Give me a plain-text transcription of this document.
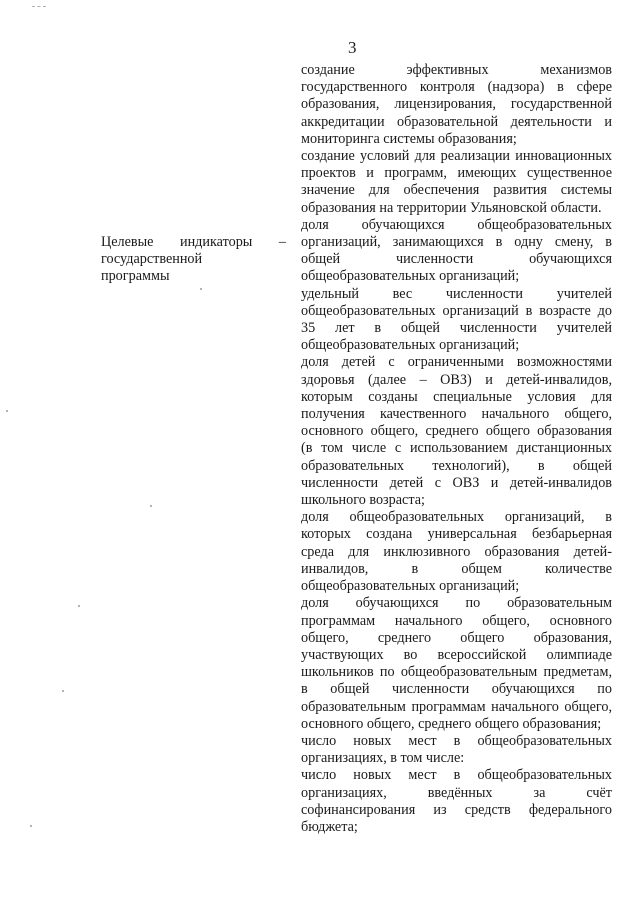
3
Целевые индикаторы –
государственной
программы

создание эффективных механизмов государственного контроля (надзора) в сфере образования, лицензирования, государственной аккредитации образовательной деятельности и мониторинга системы образования;

создание условий для реализации инновационных проектов и программ, имеющих существенное значение для обеспечения развития системы образования на территории Ульяновской области.

доля обучающихся общеобразовательных организаций, занимающихся в одну смену, в общей численности обучающихся общеобразовательных организаций;

удельный вес численности учителей общеобразовательных организаций в возрасте до 35 лет в общей численности учителей общеобразовательных организаций;

доля детей с ограниченными возможностями здоровья (далее – ОВЗ) и детей-инвалидов, которым созданы специальные условия для получения качественного начального общего, основного общего, среднего общего образования (в том числе с использованием дистанционных образовательных технологий), в общей численности детей с ОВЗ и детей-инвалидов школьного возраста;

доля общеобразовательных организаций, в которых создана универсальная безбарьерная среда для инклюзивного образования детей-инвалидов, в общем количестве общеобразовательных организаций;

доля обучающихся по образовательным программам начального общего, основного общего, среднего общего образования, участвующих во всероссийской олимпиаде школьников по общеобразовательным предметам, в общей численности обучающихся по образовательным программам начального общего, основного общего, среднего общего образования;

число новых мест в общеобразовательных организациях, в том числе:

число новых мест в общеобразовательных организациях, введённых за счёт софинансирования из средств федерального бюджета;
